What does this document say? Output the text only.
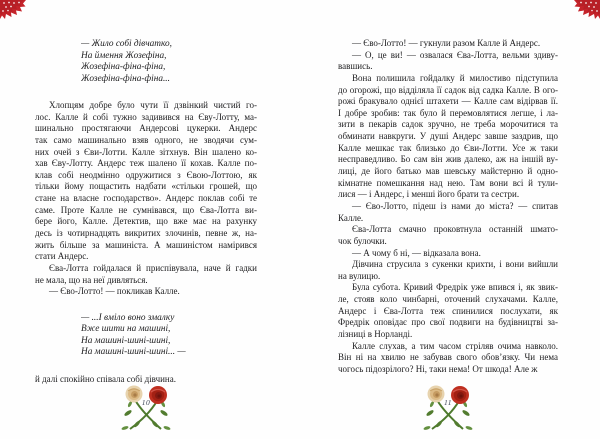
— Жило собі дівчатко,
На ймення Жозефіна,
Жозефіна-фіна-фіна,
Жозефіна-фіна-фіна...
Хлопцям добре було чути її дзвінкий чистий го-
лос. Калле й собі тужно задивився на Єву-Лотту, ма-
шинально простягаючи Андерсові цукерки. Андерс
так само машинально взяв одного, не зводячи сум-
них очей з Єви-Лотти. Калле зітхнув. Він шалено ко-
хав Єву-Лотту. Андерс теж шалено її кохав. Калле по-
клав собі неодмінно одружитися з Євою-Лоттою, як
тільки йому пощастить надбати «стільки грошей, що
стане на власне господарство». Андерс поклав собі те
саме. Проте Калле не сумнівався, що Єва-Лотта ви-
бере його, Калле. Детектив, що вже має на рахунку
десь із чотирнадцять викритих злочинів, певне ж, на-
жить більше за машиніста. А машиністом намірився
стати Андерс.
Єва-Лотта гойдалася й приспівувала, наче й гадки
не мала, що на неї дивляться.
— Єво-Лотто! — покликав Калле.
— ...І вміло воно змалку
Вже шити на машині,
На машині-шині-шині,
На машині-шині-шині... —
й далі спокійно співала собі дівчина.
— Єво-Лотто! — гукнули разом Калле й Андерс.
— О, це ви! — озвалася Єва-Лотта, вельми здиву-
вавшись.
Вона полишила гойдалку й милостиво підступила
до огорожі, що відділяла її садок від садка Калле. В ого-
рожі бракувало однієї штахети — Калле сам відірвав її.
І добре зробив: так було й перемовлятися легше, і ла-
зити в пекарів садок зручно, не треба морочитися та
обминати навкруги. У душі Андерс завше заздрив, що
Калле мешкає так близько до Єви-Лотти. Усе ж таки
несправедливо. Бо сам він жив далеко, аж на іншій ву-
лиці, де його батько мав шевську майстерню й одно-
кімнатне помешкання над нею. Там вони всі й тули-
лися — і Андерс, і менші його брати та сестри.
— Єво-Лотто, підеш із нами до міста? — спитав
Калле.
Єва-Лотта смачно проковтнула останній шмато-
чок булочки.
— А чому б ні, — відказала вона.
Дівчина струсила з сукенки крихти, і вони вийшли
на вулицю.
Була субота. Кривий Фредрік уже впився і, як звик-
ле, стояв коло чинбарні, оточений слухачами. Калле,
Андерс і Єва-Лотта теж спинилися послухати, як
Фредрік оповідає про свої подвиги на будівництві за-
лізниці в Норланді.
Калле слухав, а тим часом стріляв очима навколо.
Він ні на хвилю не забував свого обов’язку. Чи нема
чогось підозрілого? Ні, таки нема! От шкода! Але ж
10	11
